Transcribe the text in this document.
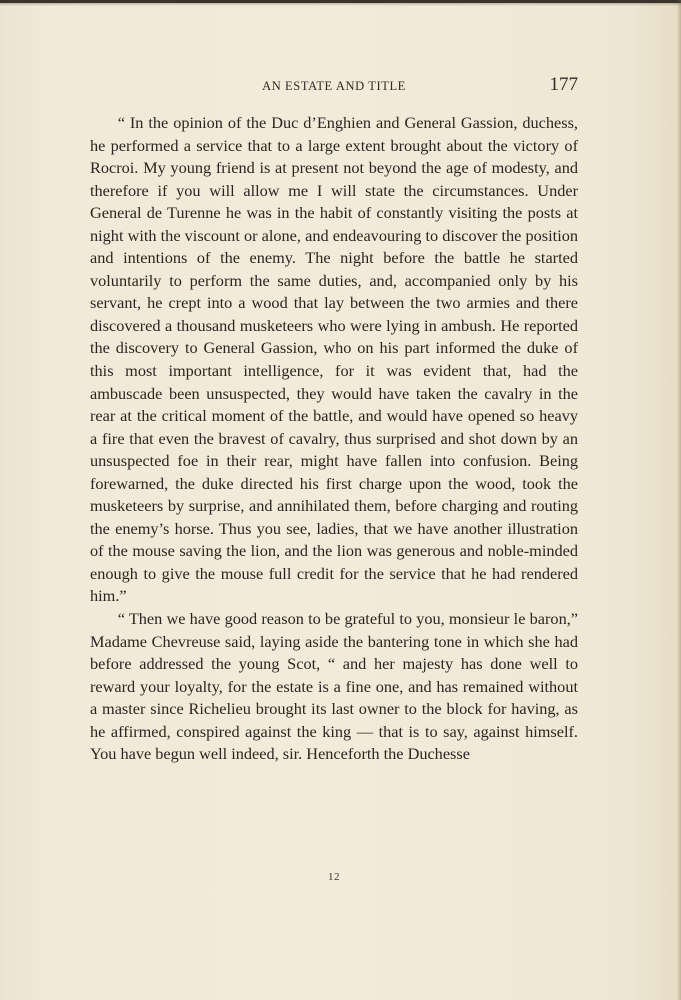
AN ESTATE AND TITLE	177

“ In the opinion of the Duc d’Enghien and General Gassion, duchess, he performed a service that to a large extent brought about the victory of Rocroi. My young friend is at present not beyond the age of modesty, and therefore if you will allow me I will state the circumstances. Under General de Turenne he was in the habit of constantly visiting the posts at night with the viscount or alone, and endeavouring to discover the position and intentions of the enemy. The night before the battle he started voluntarily to perform the same duties, and, accompanied only by his servant, he crept into a wood that lay between the two armies and there discovered a thousand musketeers who were lying in ambush. He reported the discovery to General Gassion, who on his part informed the duke of this most important intelligence, for it was evident that, had the ambuscade been unsuspected, they would have taken the cavalry in the rear at the critical moment of the battle, and would have opened so heavy a fire that even the bravest of cavalry, thus surprised and shot down by an unsuspected foe in their rear, might have fallen into confusion. Being forewarned, the duke directed his first charge upon the wood, took the musketeers by surprise, and annihilated them, before charging and routing the enemy’s horse. Thus you see, ladies, that we have another illustration of the mouse saving the lion, and the lion was generous and noble-minded enough to give the mouse full credit for the service that he had rendered him.”

“ Then we have good reason to be grateful to you, monsieur le baron,” Madame Chevreuse said, laying aside the bantering tone in which she had before addressed the young Scot, “ and her majesty has done well to reward your loyalty, for the estate is a fine one, and has remained without a master since Richelieu brought its last owner to the block for having, as he affirmed, conspired against the king — that is to say, against himself. You have begun well indeed, sir. Henceforth the Duchesse

12
